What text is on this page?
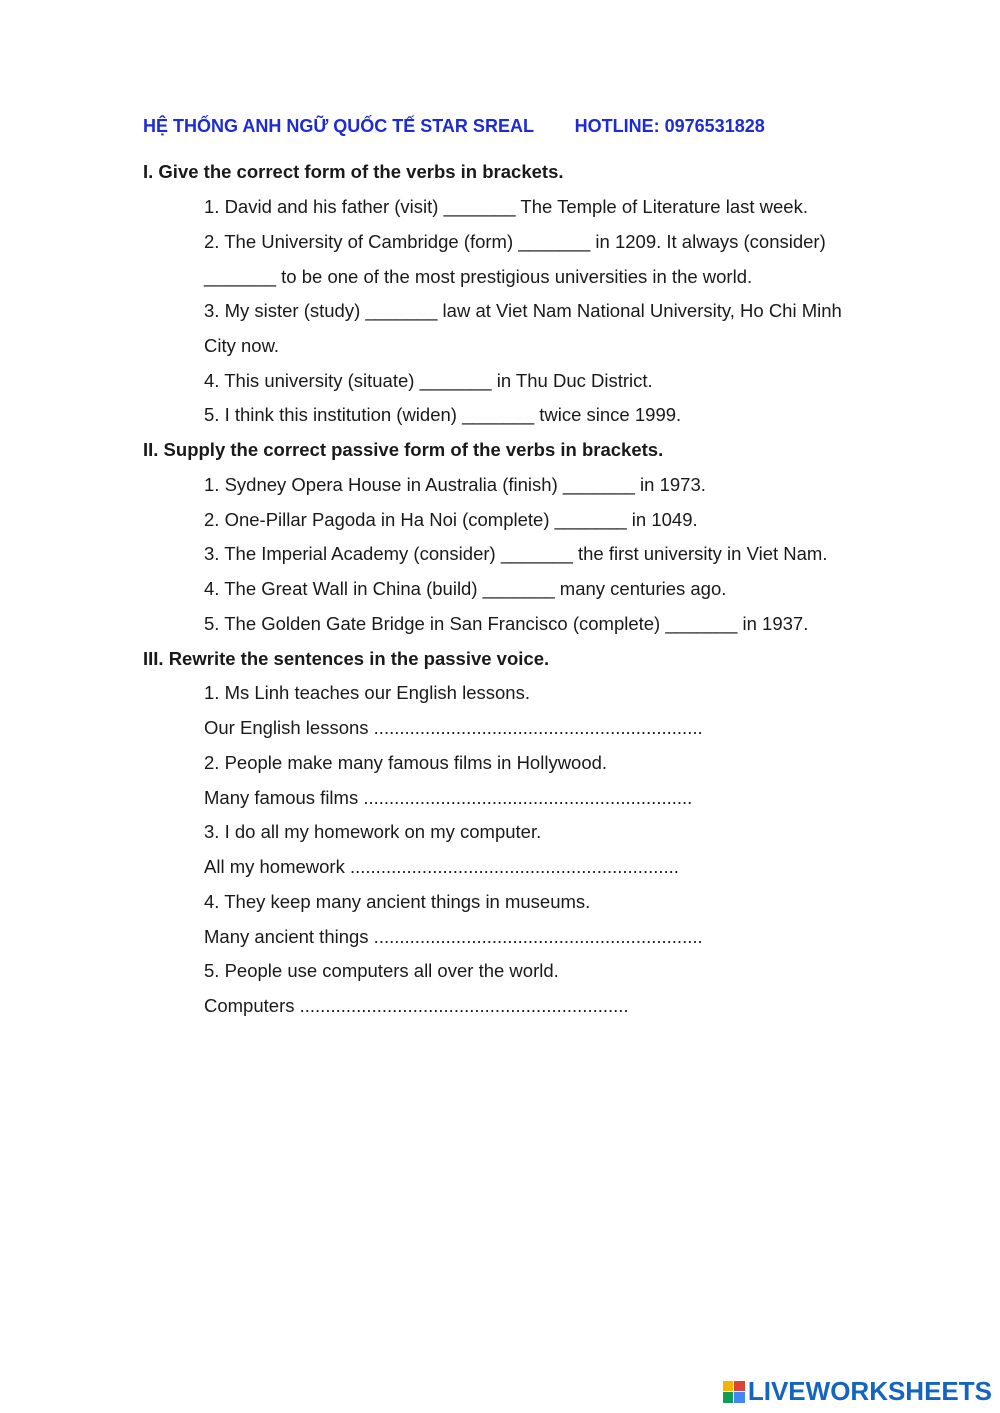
HỆ THỐNG ANH NGỮ QUỐC TẾ STAR SREAL HOTLINE: 0976531828
I. Give the correct form of the verbs in brackets.
1. David and his father (visit) _______ The Temple of Literature last week.
2. The University of Cambridge (form) _______ in 1209. It always (consider)
_______ to be one of the most prestigious universities in the world.
3. My sister (study) _______ law at Viet Nam National University, Ho Chi Minh
City now.
4. This university (situate) _______ in Thu Duc District.
5. I think this institution (widen) _______ twice since 1999.
II. Supply the correct passive form of the verbs in brackets.
1. Sydney Opera House in Australia (finish) _______ in 1973.
2. One-Pillar Pagoda in Ha Noi (complete) _______ in 1049.
3. The Imperial Academy (consider) _______ the first university in Viet Nam.
4. The Great Wall in China (build) _______ many centuries ago.
5. The Golden Gate Bridge in San Francisco (complete) _______ in 1937.
III. Rewrite the sentences in the passive voice.
1. Ms Linh teaches our English lessons.
Our English lessons ................................................................
2. People make many famous films in Hollywood.
Many famous films ................................................................
3. I do all my homework on my computer.
All my homework ................................................................
4. They keep many ancient things in museums.
Many ancient things ................................................................
5. People use computers all over the world.
Computers ................................................................
LIVEWORKSHEETS
